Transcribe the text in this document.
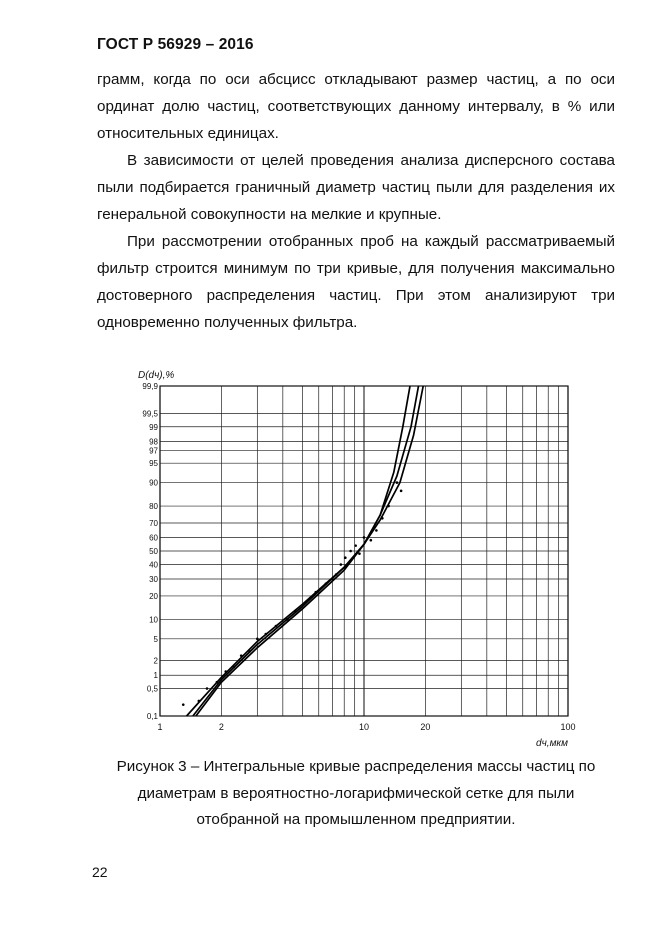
ГОСТ Р 56929 – 2016

грамм, когда по оси абсцисс откладывают размер частиц, а по оси ординат долю частиц, соответствующих данному интервалу, в % или относительных единицах.

В зависимости от целей проведения анализа дисперсного состава пыли подбирается граничный диаметр частиц пыли для разделения их генеральной совокупности на мелкие и крупные.

При рассмотрении отобранных проб на каждый рассматриваемый фильтр строится минимум по три кривые, для получения максимально достоверного распределения частиц. При этом анализируют три одновременно полученных фильтра.

99,9
99,5
99
98
97
95
90
80
70
60
50
40
30
20
10
5
2
1
0,5
0,1
1	2	10	20	100
D(dч),%
dч,мкм
Рисунок 3 – Интегральные кривые распределения массы частиц по диаметрам в вероятностно-логарифмической сетке для пыли отобранной на промышленном предприятии.
22
